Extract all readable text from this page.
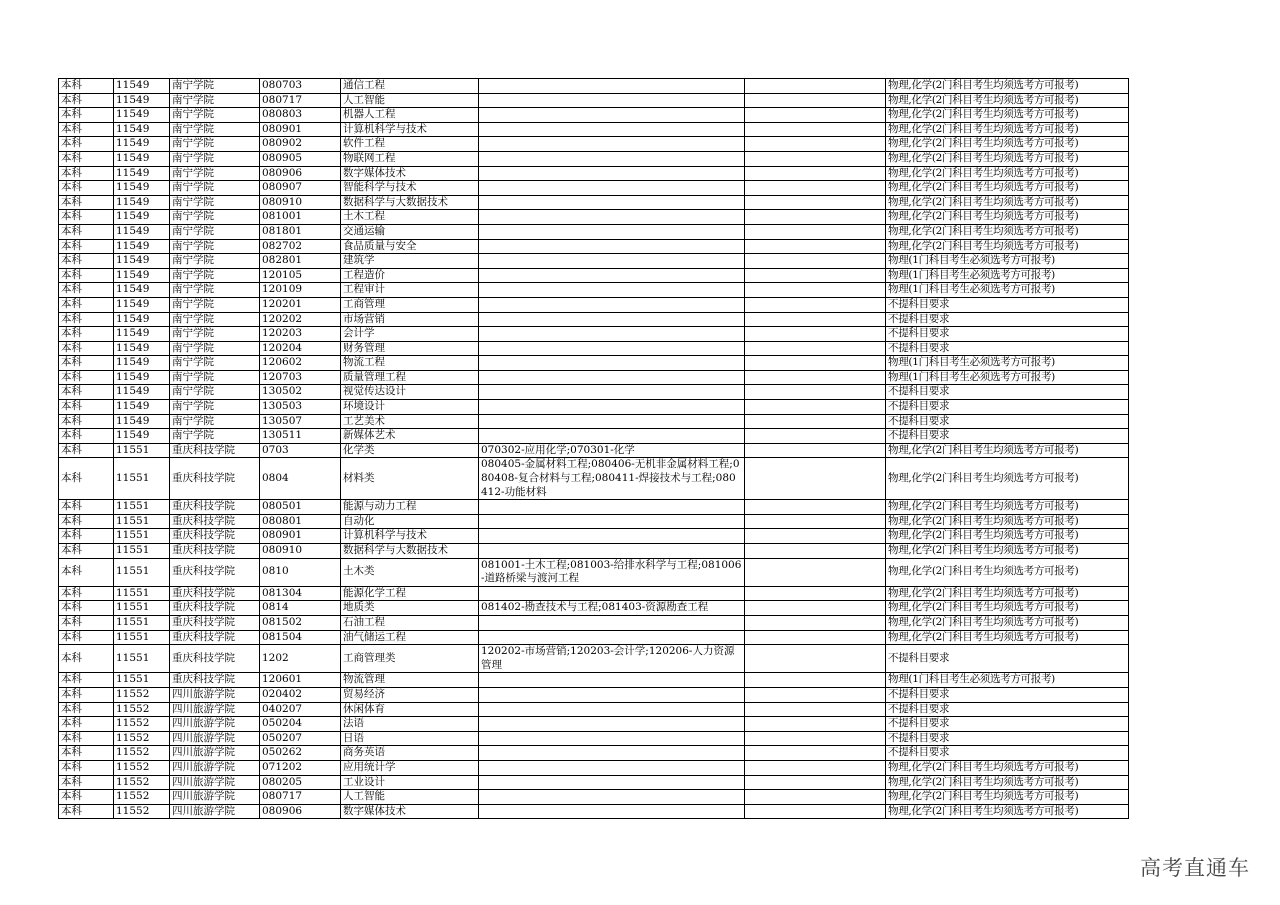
本科	11549	南宁学院	080703	通信工程			物理,化学(2门科目考生均须选考方可报考)
本科	11549	南宁学院	080717	人工智能			物理,化学(2门科目考生均须选考方可报考)
本科	11549	南宁学院	080803	机器人工程			物理,化学(2门科目考生均须选考方可报考)
本科	11549	南宁学院	080901	计算机科学与技术			物理,化学(2门科目考生均须选考方可报考)
本科	11549	南宁学院	080902	软件工程			物理,化学(2门科目考生均须选考方可报考)
本科	11549	南宁学院	080905	物联网工程			物理,化学(2门科目考生均须选考方可报考)
本科	11549	南宁学院	080906	数字媒体技术			物理,化学(2门科目考生均须选考方可报考)
本科	11549	南宁学院	080907	智能科学与技术			物理,化学(2门科目考生均须选考方可报考)
本科	11549	南宁学院	080910	数据科学与大数据技术			物理,化学(2门科目考生均须选考方可报考)
本科	11549	南宁学院	081001	土木工程			物理,化学(2门科目考生均须选考方可报考)
本科	11549	南宁学院	081801	交通运输			物理,化学(2门科目考生均须选考方可报考)
本科	11549	南宁学院	082702	食品质量与安全			物理,化学(2门科目考生均须选考方可报考)
本科	11549	南宁学院	082801	建筑学			物理(1门科目考生必须选考方可报考)
本科	11549	南宁学院	120105	工程造价			物理(1门科目考生必须选考方可报考)
本科	11549	南宁学院	120109	工程审计			物理(1门科目考生必须选考方可报考)
本科	11549	南宁学院	120201	工商管理			不提科目要求
本科	11549	南宁学院	120202	市场营销			不提科目要求
本科	11549	南宁学院	120203	会计学			不提科目要求
本科	11549	南宁学院	120204	财务管理			不提科目要求
本科	11549	南宁学院	120602	物流工程			物理(1门科目考生必须选考方可报考)
本科	11549	南宁学院	120703	质量管理工程			物理(1门科目考生必须选考方可报考)
本科	11549	南宁学院	130502	视觉传达设计			不提科目要求
本科	11549	南宁学院	130503	环境设计			不提科目要求
本科	11549	南宁学院	130507	工艺美术			不提科目要求
本科	11549	南宁学院	130511	新媒体艺术			不提科目要求
本科	11551	重庆科技学院	0703	化学类	070302-应用化学;070301-化学		物理,化学(2门科目考生均须选考方可报考)
本科	11551	重庆科技学院	0804	材料类	080405-金属材料工程;080406-无机非金属材料工程;080408-复合材料与工程;080411-焊接技术与工程;080412-功能材料		物理,化学(2门科目考生均须选考方可报考)
本科	11551	重庆科技学院	080501	能源与动力工程			物理,化学(2门科目考生均须选考方可报考)
本科	11551	重庆科技学院	080801	自动化			物理,化学(2门科目考生均须选考方可报考)
本科	11551	重庆科技学院	080901	计算机科学与技术			物理,化学(2门科目考生均须选考方可报考)
本科	11551	重庆科技学院	080910	数据科学与大数据技术			物理,化学(2门科目考生均须选考方可报考)
本科	11551	重庆科技学院	0810	土木类	081001-土木工程;081003-给排水科学与工程;081006-道路桥梁与渡河工程		物理,化学(2门科目考生均须选考方可报考)
本科	11551	重庆科技学院	081304	能源化学工程			物理,化学(2门科目考生均须选考方可报考)
本科	11551	重庆科技学院	0814	地质类	081402-勘查技术与工程;081403-资源勘查工程		物理,化学(2门科目考生均须选考方可报考)
本科	11551	重庆科技学院	081502	石油工程			物理,化学(2门科目考生均须选考方可报考)
本科	11551	重庆科技学院	081504	油气储运工程			物理,化学(2门科目考生均须选考方可报考)
本科	11551	重庆科技学院	1202	工商管理类	120202-市场营销;120203-会计学;120206-人力资源管理		不提科目要求
本科	11551	重庆科技学院	120601	物流管理			物理(1门科目考生必须选考方可报考)
本科	11552	四川旅游学院	020402	贸易经济			不提科目要求
本科	11552	四川旅游学院	040207	休闲体育			不提科目要求
本科	11552	四川旅游学院	050204	法语			不提科目要求
本科	11552	四川旅游学院	050207	日语			不提科目要求
本科	11552	四川旅游学院	050262	商务英语			不提科目要求
本科	11552	四川旅游学院	071202	应用统计学			物理,化学(2门科目考生均须选考方可报考)
本科	11552	四川旅游学院	080205	工业设计			物理,化学(2门科目考生均须选考方可报考)
本科	11552	四川旅游学院	080717	人工智能			物理,化学(2门科目考生均须选考方可报考)
本科	11552	四川旅游学院	080906	数字媒体技术			物理,化学(2门科目考生均须选考方可报考)
高考直通车
